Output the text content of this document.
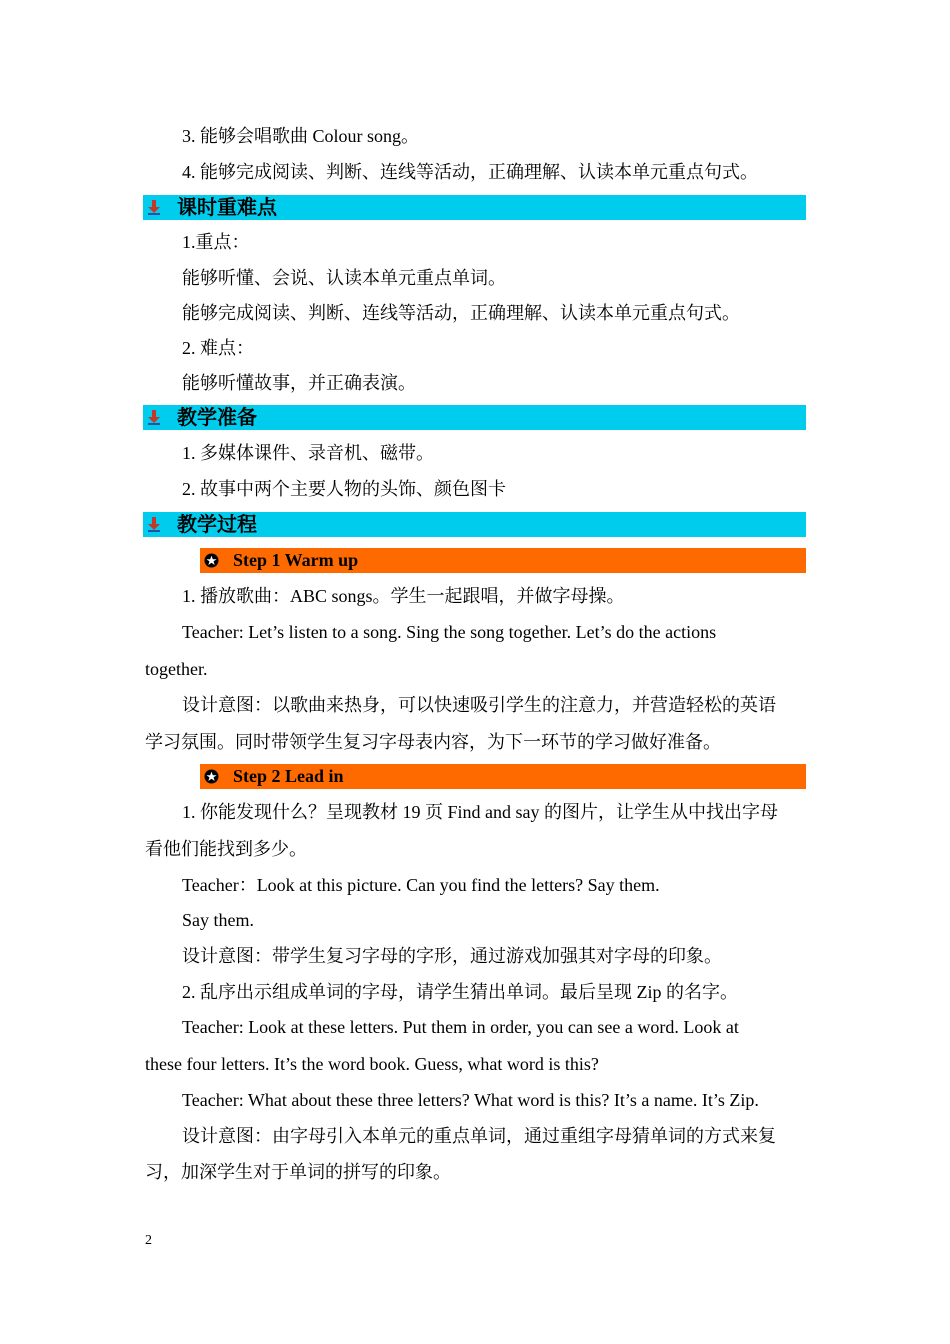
3. 能够会唱歌曲 Colour song。
4. 能够完成阅读、判断、连线等活动，正确理解、认读本单元重点句式。
课时重难点
1.重点：
能够听懂、会说、认读本单元重点单词。
能够完成阅读、判断、连线等活动，正确理解、认读本单元重点句式。
2. 难点：
能够听懂故事，并正确表演。
教学准备
1. 多媒体课件、录音机、磁带。
2. 故事中两个主要人物的头饰、颜色图卡
教学过程
Step 1 Warm up
1. 播放歌曲：ABC songs。学生一起跟唱，并做字母操。
Teacher: Let’s listen to a song. Sing the song together. Let’s do the actions
together.
设计意图：以歌曲来热身，可以快速吸引学生的注意力，并营造轻松的英语
学习氛围。同时带领学生复习字母表内容，为下一环节的学习做好准备。
Step 2 Lead in
1. 你能发现什么？呈现教材 19 页 Find and say 的图片，让学生从中找出字母
看他们能找到多少。
Teacher：Look at this picture. Can you find the letters? Say them.
Say them.
设计意图：带学生复习字母的字形，通过游戏加强其对字母的印象。
2. 乱序出示组成单词的字母，请学生猜出单词。最后呈现 Zip 的名字。
Teacher: Look at these letters. Put them in order, you can see a word. Look at
these four letters. It’s the word book. Guess, what word is this?
Teacher: What about these three letters? What word is this? It’s a name. It’s Zip.
设计意图：由字母引入本单元的重点单词，通过重组字母猜单词的方式来复
习，加深学生对于单词的拼写的印象。
2
